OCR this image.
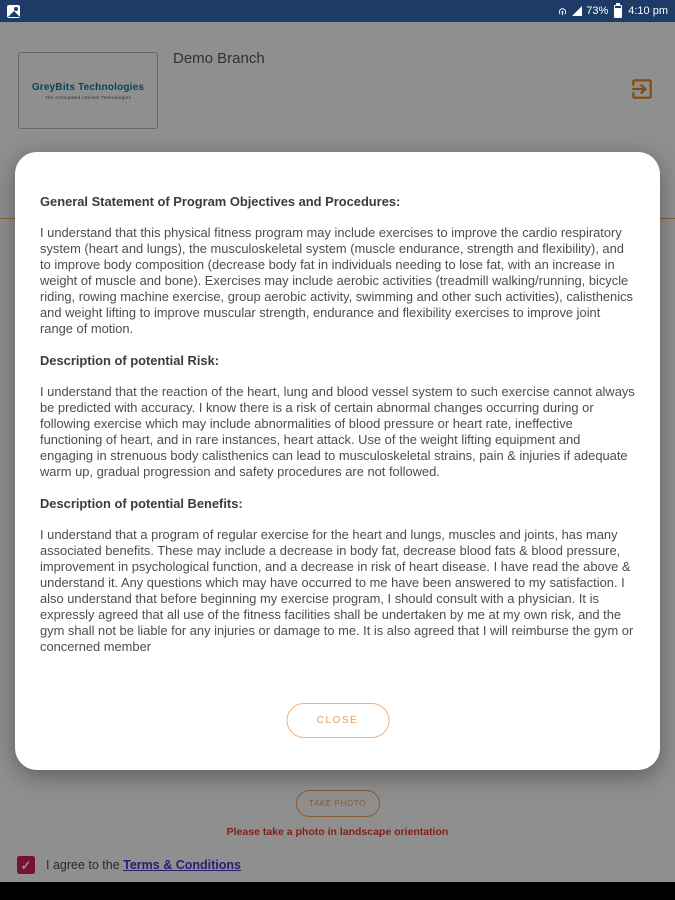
73% 4:10 pm
GreyBits Technologies
The Anticipated Internet Technologies
Demo Branch
TAKE PHOTO
Please take a photo in landscape orientation
✓ I agree to the Terms & Conditions
General Statement of Program Objectives and Procedures:

I understand that this physical fitness program may include exercises to improve the cardio respiratory system (heart and lungs), the musculoskeletal system (muscle endurance, strength and flexibility), and to improve body composition (decrease body fat in individuals needing to lose fat, with an increase in weight of muscle and bone). Exercises may include aerobic activities (treadmill walking/running, bicycle riding, rowing machine exercise, group aerobic activity, swimming and other such activities), calisthenics and weight lifting to improve muscular strength, endurance and flexibility exercises to improve joint range of motion.

Description of potential Risk:

I understand that the reaction of the heart, lung and blood vessel system to such exercise cannot always be predicted with accuracy. I know there is a risk of certain abnormal changes occurring during or following exercise which may include abnormalities of blood pressure or heart rate, ineffective functioning of heart, and in rare instances, heart attack. Use of the weight lifting equipment and engaging in strenuous body calisthenics can lead to musculoskeletal strains, pain & injuries if adequate warm up, gradual progression and safety procedures are not followed.

Description of potential Benefits:

I understand that a program of regular exercise for the heart and lungs, muscles and joints, has many associated benefits. These may include a decrease in body fat, decrease blood fats & blood pressure, improvement in psychological function, and a decrease in risk of heart disease. I have read the above & understand it. Any questions which may have occurred to me have been answered to my satisfaction. I also understand that before beginning my exercise program, I should consult with a physician. It is expressly agreed that all use of the fitness facilities shall be undertaken by me at my own risk, and the gym shall not be liable for any injuries or damage to me. It is also agreed that I will reimburse the gym or concerned member

CLOSE
